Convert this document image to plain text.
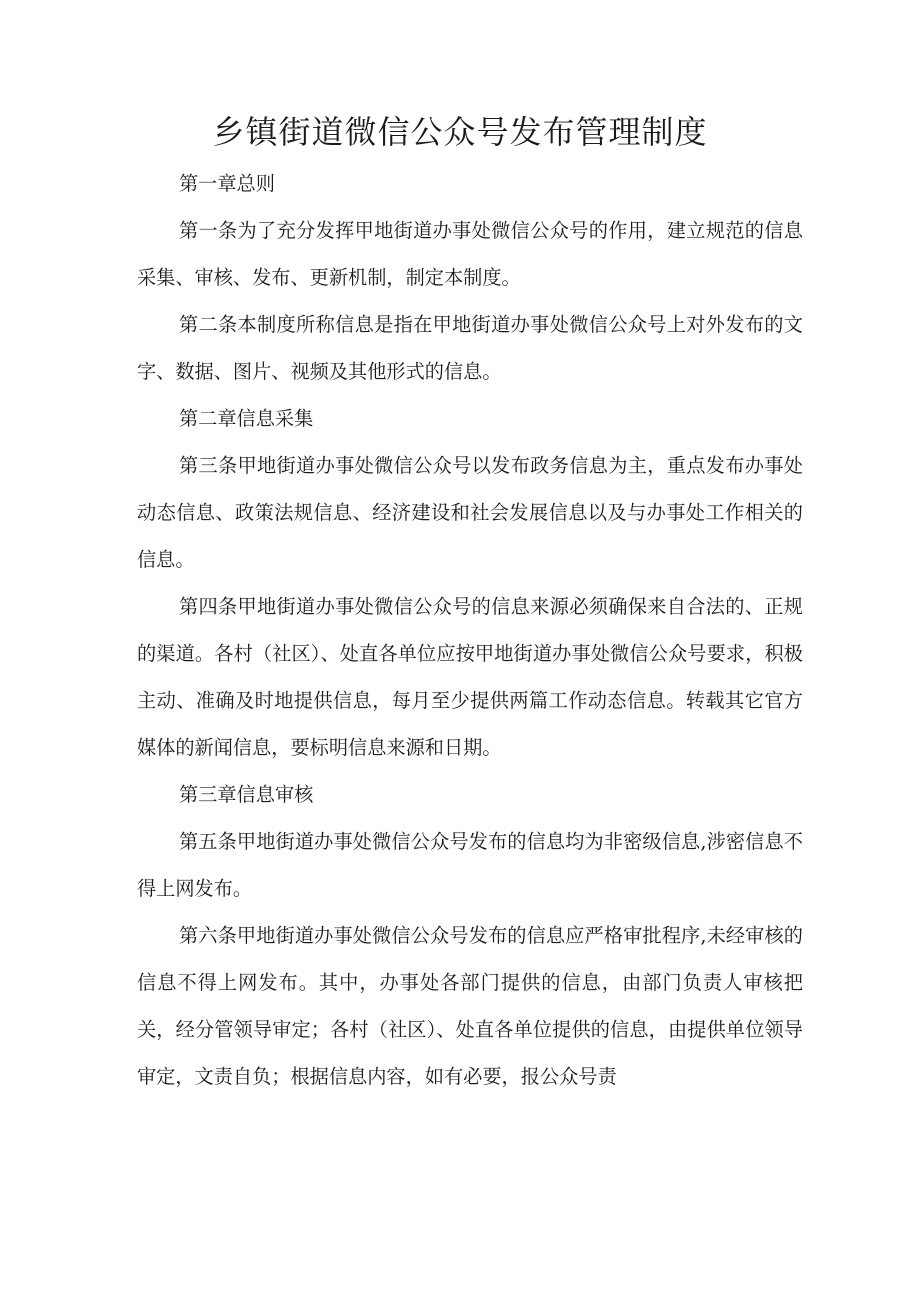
乡镇街道微信公众号发布管理制度

第一章总则

第一条为了充分发挥甲地街道办事处微信公众号的作用，建立规范的信息采集、审核、发布、更新机制，制定本制度。

第二条本制度所称信息是指在甲地街道办事处微信公众号上对外发布的文字、数据、图片、视频及其他形式的信息。

第二章信息采集

第三条甲地街道办事处微信公众号以发布政务信息为主，重点发布办事处动态信息、政策法规信息、经济建设和社会发展信息以及与办事处工作相关的信息。

第四条甲地街道办事处微信公众号的信息来源必须确保来自合法的、正规的渠道。各村（社区）、处直各单位应按甲地街道办事处微信公众号要求，积极主动、准确及时地提供信息，每月至少提供两篇工作动态信息。转载其它官方媒体的新闻信息，要标明信息来源和日期。

第三章信息审核

第五条甲地街道办事处微信公众号发布的信息均为非密级信息,涉密信息不得上网发布。

第六条甲地街道办事处微信公众号发布的信息应严格审批程序,未经审核的信息不得上网发布。其中，办事处各部门提供的信息，由部门负责人审核把关，经分管领导审定；各村（社区）、处直各单位提供的信息，由提供单位领导审定，文责自负；根据信息内容，如有必要，报公众号责
